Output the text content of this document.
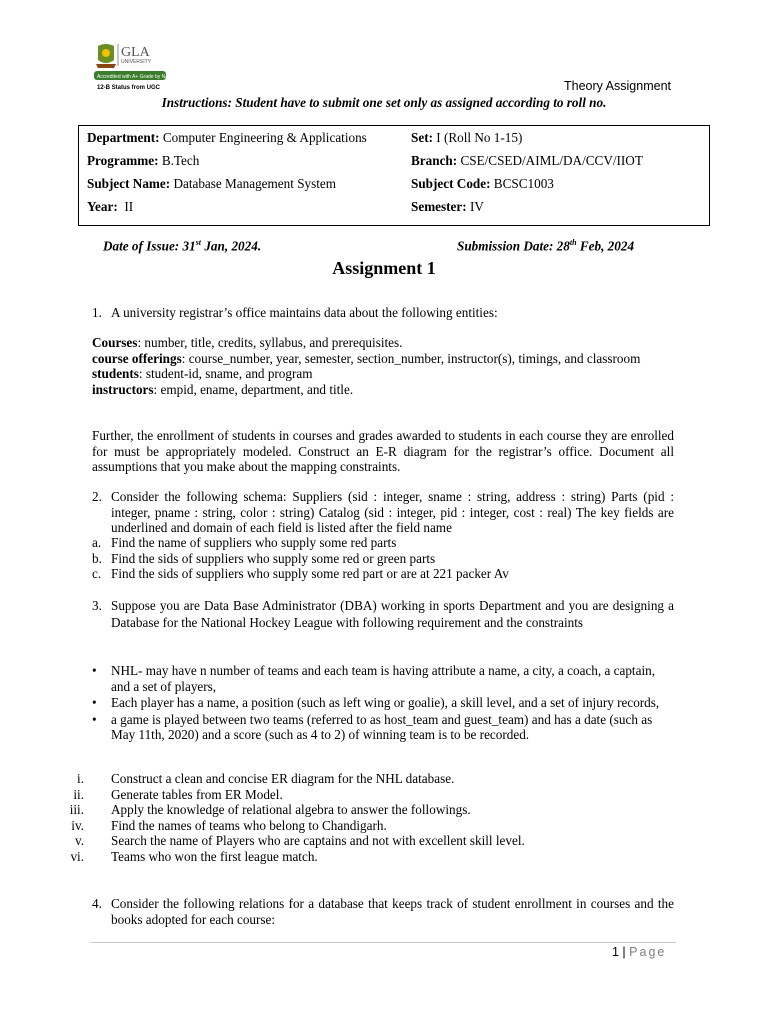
GLA
UNIVERSITY
Accredited with A+ Grade by NAAC
12-B Status from UGC	Theory Assignment
Instructions: Student have to submit one set only as assigned according to roll no.
Department: Computer Engineering & Applications	Set: I (Roll No 1-15)
Programme: B.Tech	Branch: CSE/CSED/AIML/DA/CCV/IIOT
Subject Name: Database Management System	Subject Code: BCSC1003
Year: II	Semester: IV
Date of Issue: 31st Jan, 2024.	Submission Date: 28th Feb, 2024
Assignment 1
1. A university registrar’s office maintains data about the following entities:
Courses: number, title, credits, syllabus, and prerequisites.
course offerings: course_number, year, semester, section_number, instructor(s), timings, and classroom
students: student-id, sname, and program
instructors: empid, ename, department, and title.
Further, the enrollment of students in courses and grades awarded to students in each course they are enrolled for must be appropriately modeled. Construct an E-R diagram for the registrar’s office. Document all assumptions that you make about the mapping constraints.
2. Consider the following schema: Suppliers (sid : integer, sname : string, address : string) Parts (pid : integer, pname : string, color : string) Catalog (sid : integer, pid : integer, cost : real) The key fields are underlined and domain of each field is listed after the field name
a. Find the name of suppliers who supply some red parts
b. Find the sids of suppliers who supply some red or green parts
c. Find the sids of suppliers who supply some red part or are at 221 packer Av
3. Suppose you are Data Base Administrator (DBA) working in sports Department and you are designing a Database for the National Hockey League with following requirement and the constraints
• NHL- may have n number of teams and each team is having attribute a name, a city, a coach, a captain, and a set of players,
• Each player has a name, a position (such as left wing or goalie), a skill level, and a set of injury records,
• a game is played between two teams (referred to as host_team and guest_team) and has a date (such as May 11th, 2020) and a score (such as 4 to 2) of winning team is to be recorded.
i. Construct a clean and concise ER diagram for the NHL database.
ii. Generate tables from ER Model.
iii. Apply the knowledge of relational algebra to answer the followings.
iv. Find the names of teams who belong to Chandigarh.
v. Search the name of Players who are captains and not with excellent skill level.
vi. Teams who won the first league match.
4. Consider the following relations for a database that keeps track of student enrollment in courses and the books adopted for each course:
1 | Page
